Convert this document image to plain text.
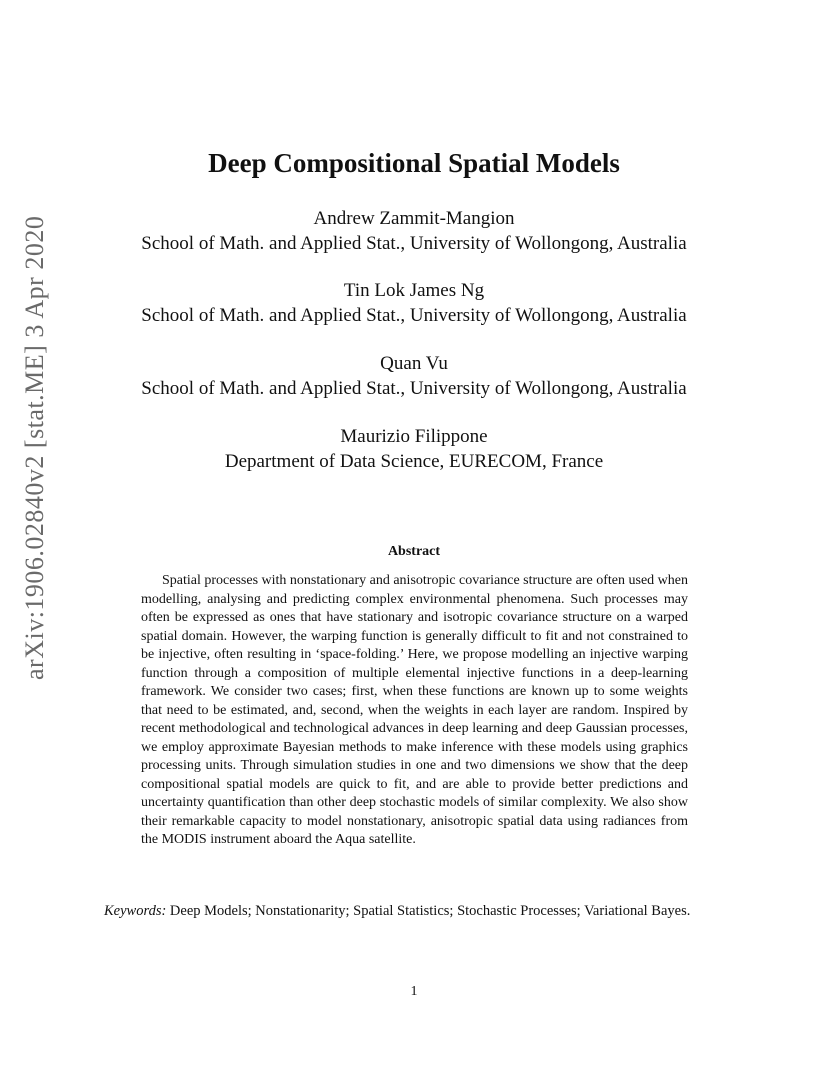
arXiv:1906.02840v2 [stat.ME] 3 Apr 2020
Deep Compositional Spatial Models
Andrew Zammit-Mangion
School of Math. and Applied Stat., University of Wollongong, Australia
Tin Lok James Ng
School of Math. and Applied Stat., University of Wollongong, Australia
Quan Vu
School of Math. and Applied Stat., University of Wollongong, Australia
Maurizio Filippone
Department of Data Science, EURECOM, France
Abstract

Spatial processes with nonstationary and anisotropic covariance structure are often used when modelling, analysing and predicting complex environmental phenomena. Such processes may often be expressed as ones that have stationary and isotropic covariance structure on a warped spatial domain. However, the warping function is generally difficult to fit and not constrained to be injective, often resulting in ‘space-folding.’ Here, we propose modelling an injective warping function through a composition of multiple elemental injective functions in a deep-learning framework. We consider two cases; first, when these functions are known up to some weights that need to be estimated, and, second, when the weights in each layer are random. Inspired by recent methodological and technological advances in deep learning and deep Gaussian processes, we employ approximate Bayesian methods to make inference with these models using graphics processing units. Through simulation studies in one and two dimensions we show that the deep compositional spatial models are quick to fit, and are able to provide better predictions and uncertainty quantification than other deep stochastic models of similar complexity. We also show their remarkable capacity to model nonstationary, anisotropic spatial data using radiances from the MODIS instrument aboard the Aqua satellite.

Keywords: Deep Models; Nonstationarity; Spatial Statistics; Stochastic Processes; Variational Bayes.

1
